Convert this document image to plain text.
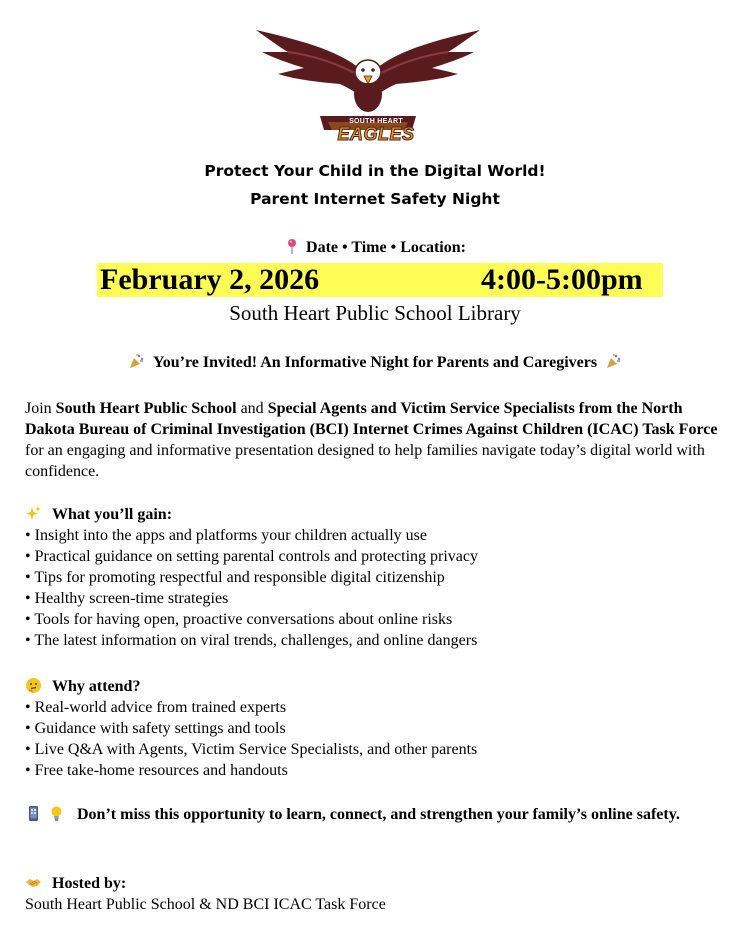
SOUTH HEART
EAGLES
Protect Your Child in the Digital World!
Parent Internet Safety Night
Date • Time • Location:
February 2, 2026	4:00-5:00pm
South Heart Public School Library
You’re Invited! An Informative Night for Parents and Caregivers
Join South Heart Public School and Special Agents and Victim Service Specialists from the North Dakota Bureau of Criminal Investigation (BCI) Internet Crimes Against Children (ICAC) Task Force for an engaging and informative presentation designed to help families navigate today’s digital world with confidence.
What you’ll gain:
• Insight into the apps and platforms your children actually use
• Practical guidance on setting parental controls and protecting privacy
• Tips for promoting respectful and responsible digital citizenship
• Healthy screen-time strategies
• Tools for having open, proactive conversations about online risks
• The latest information on viral trends, challenges, and online dangers
Why attend?
• Real-world advice from trained experts
• Guidance with safety settings and tools
• Live Q&A with Agents, Victim Service Specialists, and other parents
• Free take-home resources and handouts
Don’t miss this opportunity to learn, connect, and strengthen your family’s online safety.
Hosted by:
South Heart Public School & ND BCI ICAC Task Force
